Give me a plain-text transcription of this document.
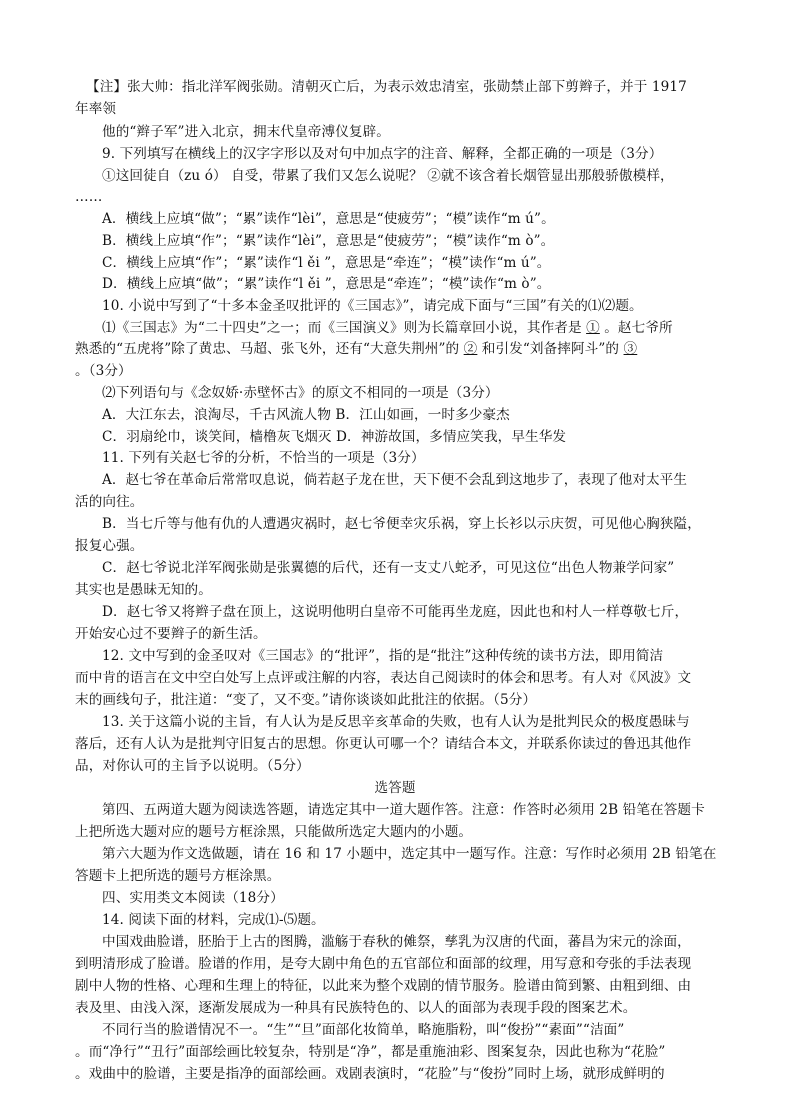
【注】张大帅：指北洋军阀张勋。清朝灭亡后，为表示效忠清室，张勋禁止部下剪辫子，并于 1917
年率领
他的“辫子军”进入北京，拥末代皇帝溥仪复辟。
9. 下列填写在横线上的汉字字形以及对句中加点字的注音、解释，全都正确的一项是（3分）
①这回徒自（zu ó） 自受，带累了我们又怎么说呢？ ②就不该含着长烟管显出那般骄傲模样，
……
A．横线上应填“做”；“累”读作“lèi”，意思是“使疲劳”；“模”读作“m ú”。
B．横线上应填“作”；“累”读作“lèi”，意思是“使疲劳”；“模”读作“m ò”。
C．横线上应填“作”；“累”读作“l ěi ”，意思是“牵连”；“模”读作“m ú”。
D．横线上应填“做”；“累”读作“l ěi ”，意思是“牵连”；“模”读作“m ò”。
10. 小说中写到了“十多本金圣叹批评的《三国志》”，请完成下面与“三国”有关的⑴⑵题。
⑴《三国志》为“二十四史”之一；而《三国演义》则为长篇章回小说，其作者是 ① 。赵七爷所
熟悉的“五虎将”除了黄忠、马超、张飞外，还有“大意失荆州”的 ② 和引发“刘备摔阿斗”的 ③
。（3分）
⑵下列语句与《念奴娇·赤壁怀古》的原文不相同的一项是（3分）
A．大江东去，浪淘尽，千古风流人物 B．江山如画，一时多少豪杰
C．羽扇纶巾，谈笑间，樯橹灰飞烟灭 D．神游故国，多情应笑我，早生华发
11. 下列有关赵七爷的分析，不恰当的一项是（3分）
A．赵七爷在革命后常常叹息说，倘若赵子龙在世，天下便不会乱到这地步了，表现了他对太平生
活的向往。
B．当七斤等与他有仇的人遭遇灾祸时，赵七爷便幸灾乐祸，穿上长衫以示庆贺，可见他心胸狭隘，
报复心强。
C．赵七爷说北洋军阀张勋是张翼德的后代，还有一支丈八蛇矛，可见这位“出色人物兼学问家”
其实也是愚昧无知的。
D．赵七爷又将辫子盘在顶上，这说明他明白皇帝不可能再坐龙庭，因此也和村人一样尊敬七斤，
开始安心过不要辫子的新生活。
12. 文中写到的金圣叹对《三国志》的“批评”，指的是“批注”这种传统的读书方法，即用简洁
而中肯的语言在文中空白处写上点评或注解的内容，表达自己阅读时的体会和思考。有人对《风波》文
末的画线句子，批注道：“变了，又不变。”请你谈谈如此批注的依据。（5分）
13. 关于这篇小说的主旨，有人认为是反思辛亥革命的失败，也有人认为是批判民众的极度愚昧与
落后，还有人认为是批判守旧复古的思想。你更认可哪一个？请结合本文，并联系你读过的鲁迅其他作
品，对你认可的主旨予以说明。（5分）
选答题
第四、五两道大题为阅读选答题，请选定其中一道大题作答。注意：作答时必须用 2B 铅笔在答题卡
上把所选大题对应的题号方框涂黑，只能做所选定大题内的小题。
第六大题为作文选做题，请在 16 和 17 小题中，选定其中一题写作。注意：写作时必须用 2B 铅笔在
答题卡上把所选的题号方框涂黑。
四、实用类文本阅读（18分）
14. 阅读下面的材料，完成⑴-⑸题。
中国戏曲脸谱，胚胎于上古的图腾，滥觞于春秋的傩祭，孳乳为汉唐的代面，蕃昌为宋元的涂面，
到明清形成了脸谱。脸谱的作用，是夸大剧中角色的五官部位和面部的纹理，用写意和夸张的手法表现
剧中人物的性格、心理和生理上的特征，以此来为整个戏剧的情节服务。脸谱由简到繁、由粗到细、由
表及里、由浅入深，逐渐发展成为一种具有民族特色的、以人的面部为表现手段的图案艺术。
不同行当的脸谱情况不一。“生”“旦”面部化妆简单，略施脂粉，叫“俊扮”“素面”“洁面”
。而“净行”“丑行”面部绘画比较复杂，特别是“净”，都是重施油彩、图案复杂，因此也称为“花脸”
。戏曲中的脸谱，主要是指净的面部绘画。戏剧表演时，“花脸”与“俊扮”同时上场，就形成鲜明的
